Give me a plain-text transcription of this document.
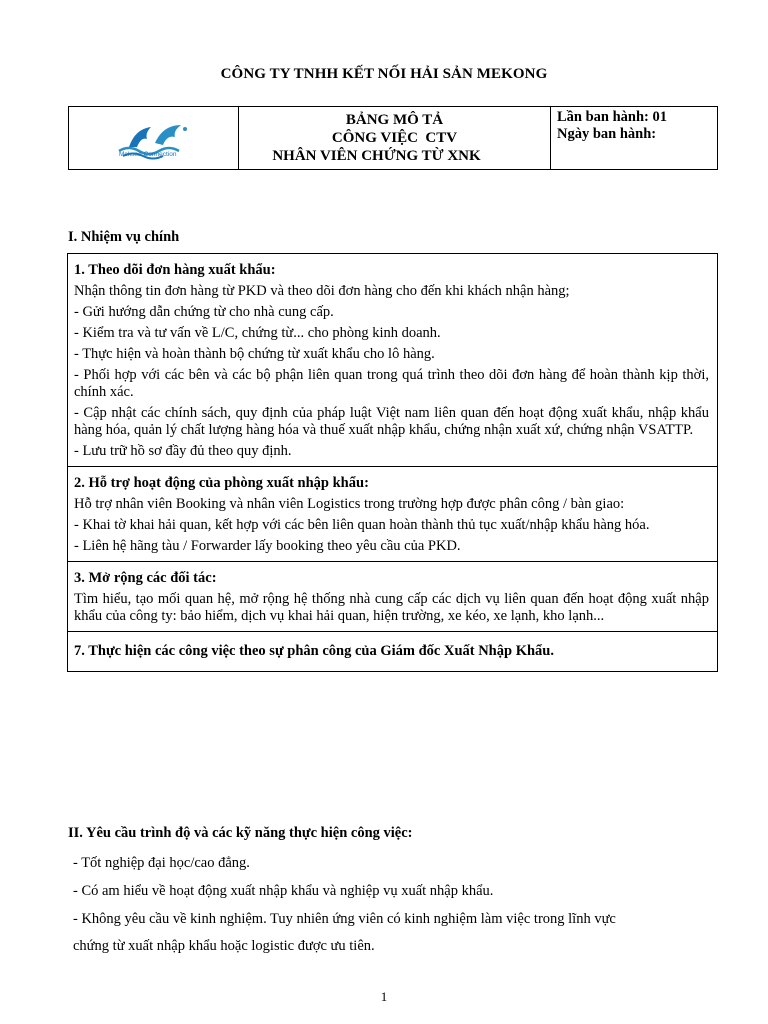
CÔNG TY TNHH KẾT NỐI HẢI SẢN MEKONG
Meksea Connection
BẢNG MÔ TẢ
CÔNG VIỆC  CTV
NHÂN VIÊN CHỨNG TỪ XNK
Lần ban hành: 01
Ngày ban hành:
I. Nhiệm vụ chính
1. Theo dõi đơn hàng xuất khẩu:

Nhận thông tin đơn hàng từ PKD và theo dõi đơn hàng cho đến khi khách nhận hàng;

- Gửi hướng dẫn chứng từ cho nhà cung cấp.

- Kiểm tra và tư vấn về L/C, chứng từ... cho phòng kinh doanh.

- Thực hiện và hoàn thành bộ chứng từ xuất khẩu cho lô hàng.

- Phối hợp với các bên và các bộ phận liên quan trong quá trình theo dõi đơn hàng để hoàn thành kịp thời, chính xác.

- Cập nhật các chính sách, quy định của pháp luật Việt nam liên quan đến hoạt động xuất khẩu, nhập khẩu hàng hóa, quản lý chất lượng hàng hóa và thuế xuất nhập khẩu, chứng nhận xuất xứ, chứng nhận VSATTP.

- Lưu trữ hồ sơ đầy đủ theo quy định.

2. Hỗ trợ hoạt động của phòng xuất nhập khẩu:

Hỗ trợ nhân viên Booking và nhân viên Logistics trong trường hợp được phân công / bàn giao:

- Khai tờ khai hải quan, kết hợp với các bên liên quan hoàn thành thủ tục xuất/nhập khẩu hàng hóa.

- Liên hệ hãng tàu / Forwarder lấy booking theo yêu cầu của PKD.

3. Mở rộng các đối tác:

Tìm hiểu, tạo mối quan hệ, mở rộng hệ thống nhà cung cấp các dịch vụ liên quan đến hoạt động xuất nhập khẩu của công ty: bảo hiểm, dịch vụ khai hải quan, hiện trường, xe kéo, xe lạnh, kho lạnh...

7. Thực hiện các công việc theo sự phân công của Giám đốc Xuất Nhập Khẩu.
II. Yêu cầu trình độ và các kỹ năng thực hiện công việc:
- Tốt nghiệp đại học/cao đẳng.
- Có am hiểu về hoạt động xuất nhập khẩu và nghiệp vụ xuất nhập khẩu.
- Không yêu cầu về kinh nghiệm. Tuy nhiên ứng viên có kinh nghiệm làm việc trong lĩnh vực
chứng từ xuất nhập khẩu hoặc logistic được ưu tiên.
1
